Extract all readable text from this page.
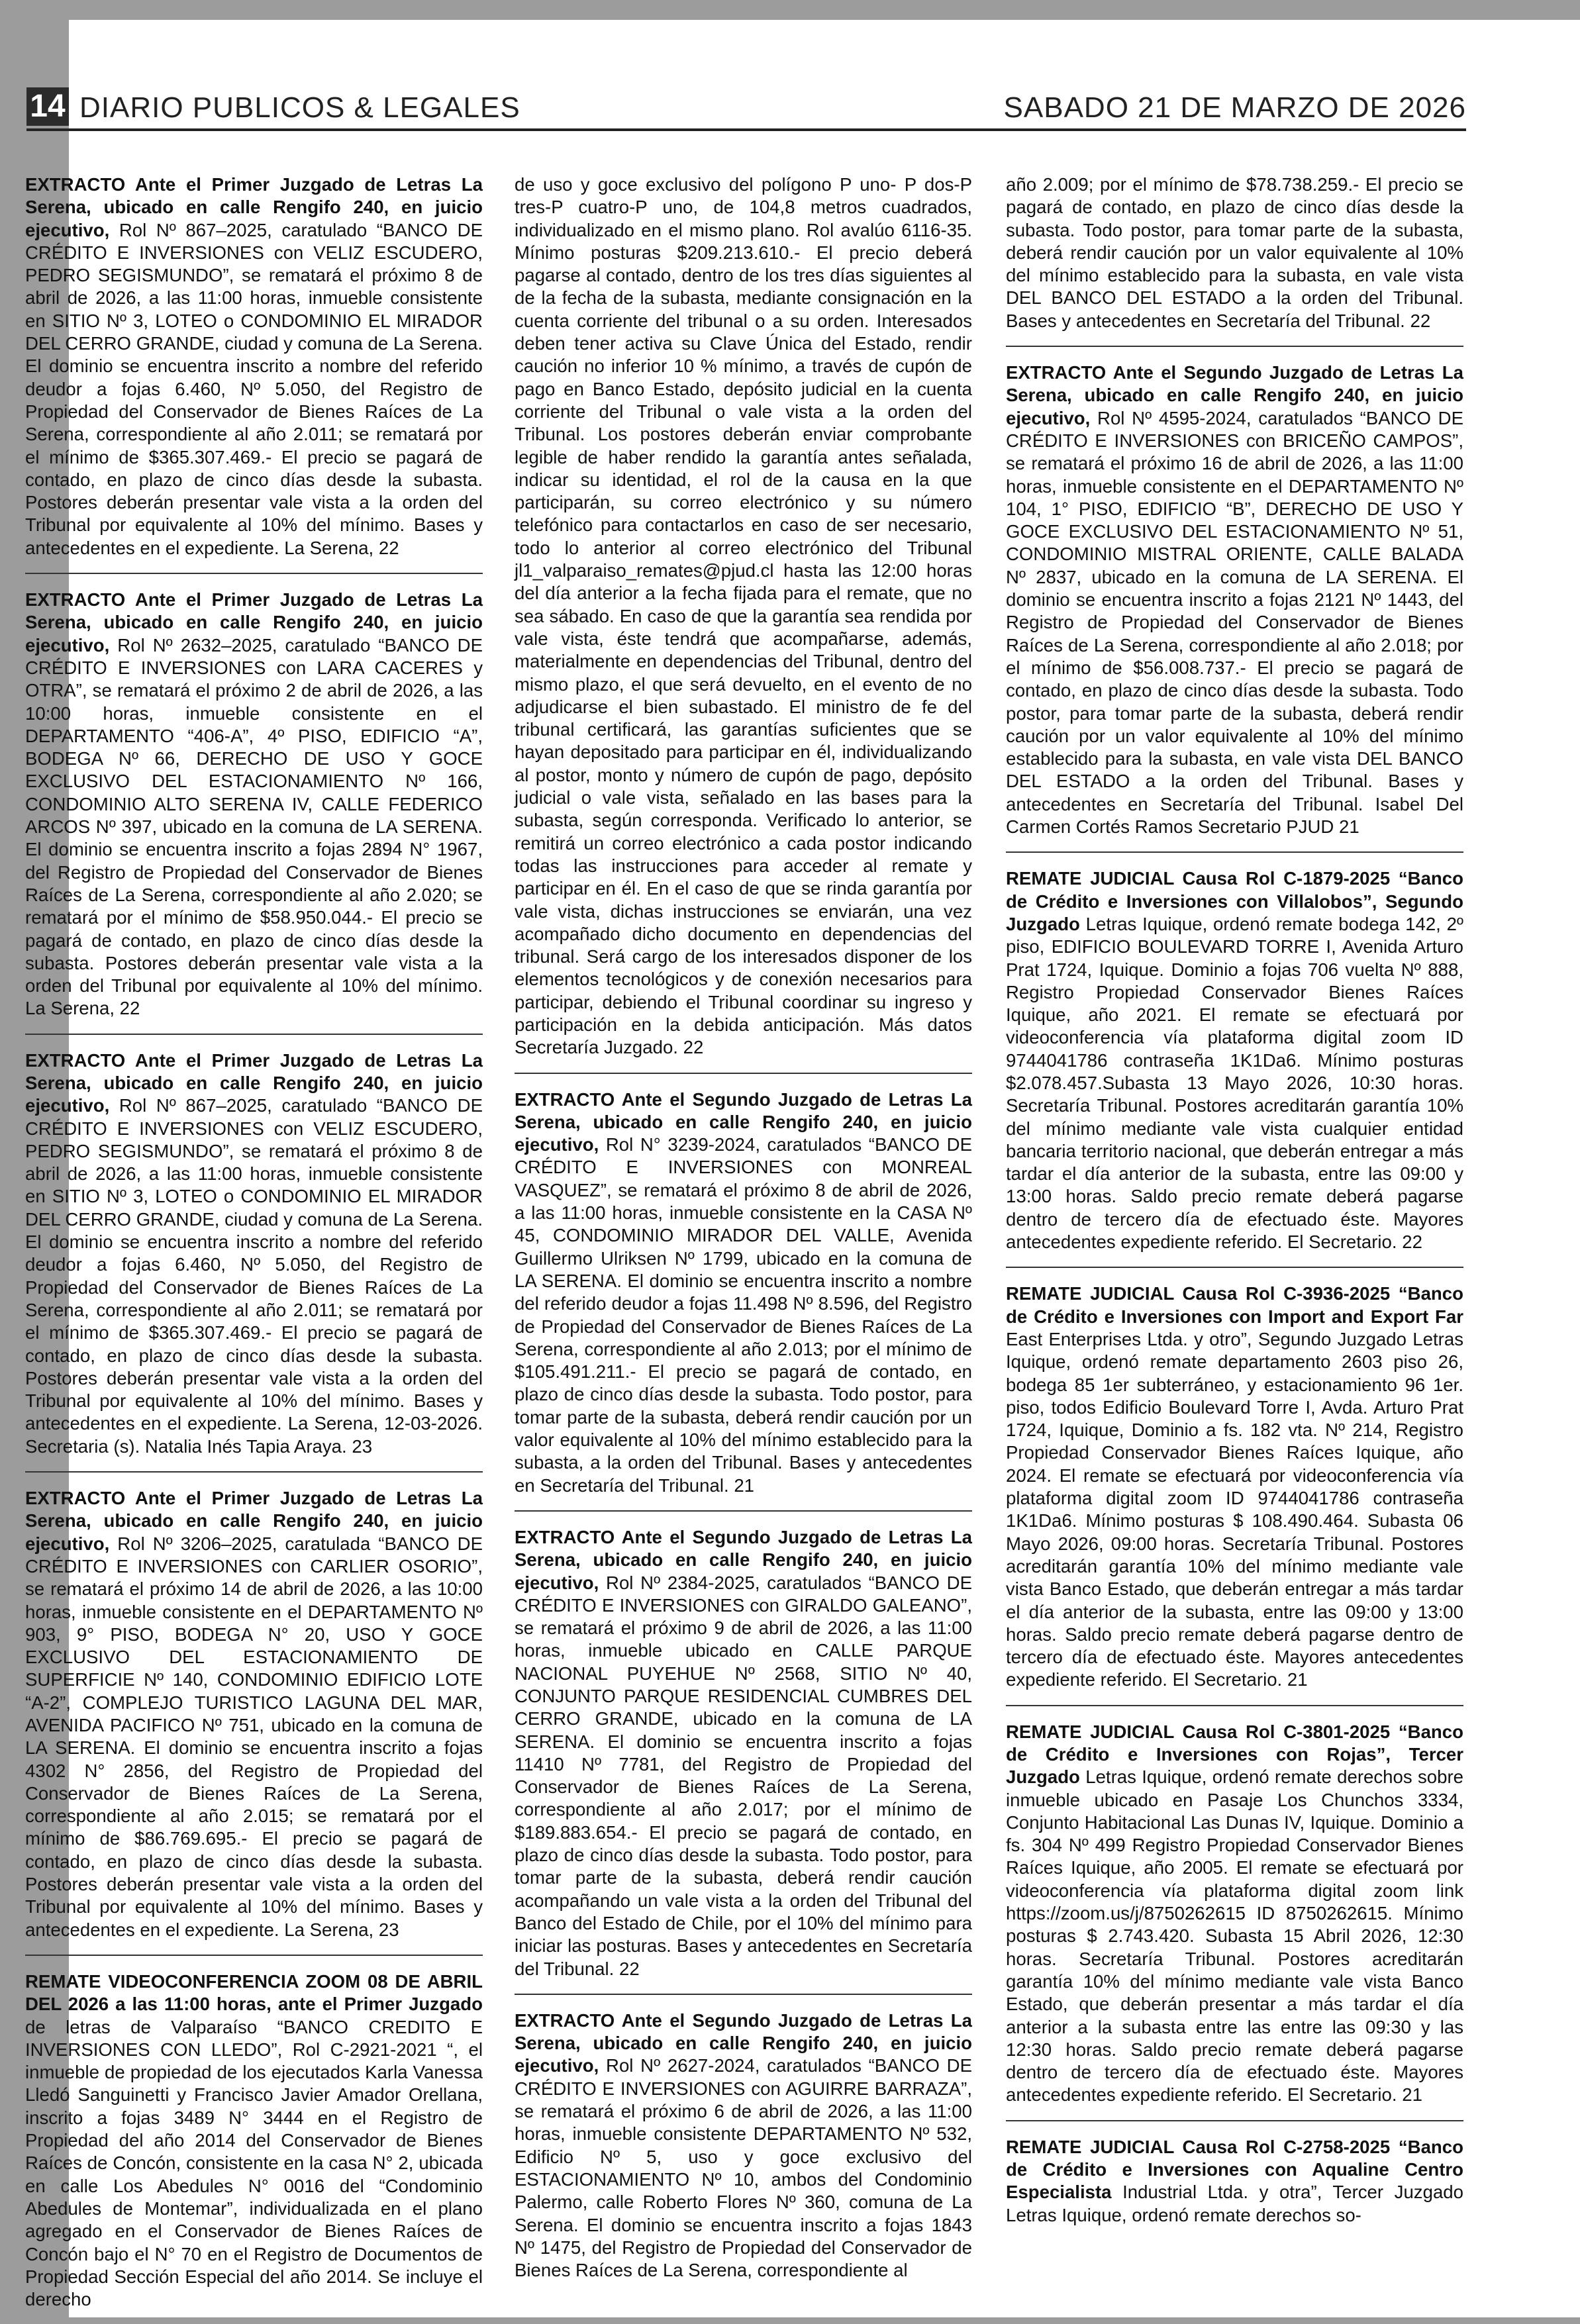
14 DIARIO PUBLICOS & LEGALES	SABADO 21 DE MARZO DE 2026

EXTRACTO Ante el Primer Juzgado de Letras La Serena, ubicado en calle Rengifo 240, en juicio ejecutivo, Rol Nº 867–2025, caratulado “BANCO DE CRÉDITO E INVERSIONES con VELIZ ESCUDERO, PEDRO SEGISMUNDO”, se rematará el próximo 8 de abril de 2026, a las 11:00 horas, inmueble consistente en SITIO Nº 3, LOTEO o CONDOMINIO EL MIRADOR DEL CERRO GRANDE, ciudad y comuna de La Serena. El dominio se encuentra inscrito a nombre del referido deudor a fojas 6.460, Nº 5.050, del Registro de Propiedad del Conservador de Bienes Raíces de La Serena, correspondiente al año 2.011; se rematará por el mínimo de $365.307.469.- El precio se pagará de contado, en plazo de cinco días desde la subasta. Postores deberán presentar vale vista a la orden del Tribunal por equivalente al 10% del mínimo. Bases y antecedentes en el expediente. La Serena, 22

EXTRACTO Ante el Primer Juzgado de Letras La Serena, ubicado en calle Rengifo 240, en juicio ejecutivo, Rol Nº 2632–2025, caratulado “BANCO DE CRÉDITO E INVERSIONES con LARA CACERES y OTRA”, se rematará el próximo 2 de abril de 2026, a las 10:00 horas, inmueble consistente en el DEPARTAMENTO “406-A”, 4º PISO, EDIFICIO “A”, BODEGA Nº 66, DERECHO DE USO Y GOCE EXCLUSIVO DEL ESTACIONAMIENTO Nº 166, CONDOMINIO ALTO SERENA IV, CALLE FEDERICO ARCOS Nº 397, ubicado en la comuna de LA SERENA. El dominio se encuentra inscrito a fojas 2894 N° 1967, del Registro de Propiedad del Conservador de Bienes Raíces de La Serena, correspondiente al año 2.020; se rematará por el mínimo de $58.950.044.- El precio se pagará de contado, en plazo de cinco días desde la subasta. Postores deberán presentar vale vista a la orden del Tribunal por equivalente al 10% del mínimo. La Serena, 22

EXTRACTO Ante el Primer Juzgado de Letras La Serena, ubicado en calle Rengifo 240, en juicio ejecutivo, Rol Nº 867–2025, caratulado “BANCO DE CRÉDITO E INVERSIONES con VELIZ ESCUDERO, PEDRO SEGISMUNDO”, se rematará el próximo 8 de abril de 2026, a las 11:00 horas, inmueble consistente en SITIO Nº 3, LOTEO o CONDOMINIO EL MIRADOR DEL CERRO GRANDE, ciudad y comuna de La Serena. El dominio se encuentra inscrito a nombre del referido deudor a fojas 6.460, Nº 5.050, del Registro de Propiedad del Conservador de Bienes Raíces de La Serena, correspondiente al año 2.011; se rematará por el mínimo de $365.307.469.- El precio se pagará de contado, en plazo de cinco días desde la subasta. Postores deberán presentar vale vista a la orden del Tribunal por equivalente al 10% del mínimo. Bases y antecedentes en el expediente. La Serena, 12-03-2026. Secretaria (s). Natalia Inés Tapia Araya. 23

EXTRACTO Ante el Primer Juzgado de Letras La Serena, ubicado en calle Rengifo 240, en juicio ejecutivo, Rol Nº 3206–2025, caratulada “BANCO DE CRÉDITO E INVERSIONES con CARLIER OSORIO”, se rematará el próximo 14 de abril de 2026, a las 10:00 horas, inmueble consistente en el DEPARTAMENTO Nº 903, 9° PISO, BODEGA N° 20, USO Y GOCE EXCLUSIVO DEL ESTACIONAMIENTO DE SUPERFICIE Nº 140, CONDOMINIO EDIFICIO LOTE “A-2”, COMPLEJO TURISTICO LAGUNA DEL MAR, AVENIDA PACIFICO Nº 751, ubicado en la comuna de LA SERENA. El dominio se encuentra inscrito a fojas 4302 N° 2856, del Registro de Propiedad del Conservador de Bienes Raíces de La Serena, correspondiente al año 2.015; se rematará por el mínimo de $86.769.695.- El precio se pagará de contado, en plazo de cinco días desde la subasta. Postores deberán presentar vale vista a la orden del Tribunal por equivalente al 10% del mínimo. Bases y antecedentes en el expediente. La Serena, 23

REMATE VIDEOCONFERENCIA ZOOM 08 DE ABRIL DEL 2026 a las 11:00 horas, ante el Primer Juzgado de letras de Valparaíso “BANCO CREDITO E INVERSIONES CON LLEDO”, Rol C-2921-2021 “, el inmueble de propiedad de los ejecutados Karla Vanessa Lledó Sanguinetti y Francisco Javier Amador Orellana, inscrito a fojas 3489 N° 3444 en el Registro de Propiedad del año 2014 del Conservador de Bienes Raíces de Concón, consistente en la casa N° 2, ubicada en calle Los Abedules N° 0016 del “Condominio Abedules de Montemar”, individualizada en el plano agregado en el Conservador de Bienes Raíces de Concón bajo el N° 70 en el Registro de Documentos de Propiedad Sección Especial del año 2014. Se incluye el derecho

de uso y goce exclusivo del polígono P uno- P dos-P tres-P cuatro-P uno, de 104,8 metros cuadrados, individualizado en el mismo plano. Rol avalúo 6116-35. Mínimo posturas $209.213.610.- El precio deberá pagarse al contado, dentro de los tres días siguientes al de la fecha de la subasta, mediante consignación en la cuenta corriente del tribunal o a su orden. Interesados deben tener activa su Clave Única del Estado, rendir caución no inferior 10 % mínimo, a través de cupón de pago en Banco Estado, depósito judicial en la cuenta corriente del Tribunal o vale vista a la orden del Tribunal. Los postores deberán enviar comprobante legible de haber rendido la garantía antes señalada, indicar su identidad, el rol de la causa en la que participarán, su correo electrónico y su número telefónico para contactarlos en caso de ser necesario, todo lo anterior al correo electrónico del Tribunal jl1_valparaiso_remates@pjud.cl hasta las 12:00 horas del día anterior a la fecha fijada para el remate, que no sea sábado. En caso de que la garantía sea rendida por vale vista, éste tendrá que acompañarse, además, materialmente en dependencias del Tribunal, dentro del mismo plazo, el que será devuelto, en el evento de no adjudicarse el bien subastado. El ministro de fe del tribunal certificará, las garantías suficientes que se hayan depositado para participar en él, individualizando al postor, monto y número de cupón de pago, depósito judicial o vale vista, señalado en las bases para la subasta, según corresponda. Verificado lo anterior, se remitirá un correo electrónico a cada postor indicando todas las instrucciones para acceder al remate y participar en él. En el caso de que se rinda garantía por vale vista, dichas instrucciones se enviarán, una vez acompañado dicho documento en dependencias del tribunal. Será cargo de los interesados disponer de los elementos tecnológicos y de conexión necesarios para participar, debiendo el Tribunal coordinar su ingreso y participación en la debida anticipación. Más datos Secretaría Juzgado. 22

EXTRACTO Ante el Segundo Juzgado de Letras La Serena, ubicado en calle Rengifo 240, en juicio ejecutivo, Rol N° 3239-2024, caratulados “BANCO DE CRÉDITO E INVERSIONES con MONREAL VASQUEZ”, se rematará el próximo 8 de abril de 2026, a las 11:00 horas, inmueble consistente en la CASA Nº 45, CONDOMINIO MIRADOR DEL VALLE, Avenida Guillermo Ulriksen Nº 1799, ubicado en la comuna de LA SERENA. El dominio se encuentra inscrito a nombre del referido deudor a fojas 11.498 Nº 8.596, del Registro de Propiedad del Conservador de Bienes Raíces de La Serena, correspondiente al año 2.013; por el mínimo de $105.491.211.- El precio se pagará de contado, en plazo de cinco días desde la subasta. Todo postor, para tomar parte de la subasta, deberá rendir caución por un valor equivalente al 10% del mínimo establecido para la subasta, a la orden del Tribunal. Bases y antecedentes en Secretaría del Tribunal. 21

EXTRACTO Ante el Segundo Juzgado de Letras La Serena, ubicado en calle Rengifo 240, en juicio ejecutivo, Rol Nº 2384-2025, caratulados “BANCO DE CRÉDITO E INVERSIONES con GIRALDO GALEANO”, se rematará el próximo 9 de abril de 2026, a las 11:00 horas, inmueble ubicado en CALLE PARQUE NACIONAL PUYEHUE Nº 2568, SITIO Nº 40, CONJUNTO PARQUE RESIDENCIAL CUMBRES DEL CERRO GRANDE, ubicado en la comuna de LA SERENA. El dominio se encuentra inscrito a fojas 11410 Nº 7781, del Registro de Propiedad del Conservador de Bienes Raíces de La Serena, correspondiente al año 2.017; por el mínimo de $189.883.654.- El precio se pagará de contado, en plazo de cinco días desde la subasta. Todo postor, para tomar parte de la subasta, deberá rendir caución acompañando un vale vista a la orden del Tribunal del Banco del Estado de Chile, por el 10% del mínimo para iniciar las posturas. Bases y antecedentes en Secretaría del Tribunal. 22

EXTRACTO Ante el Segundo Juzgado de Letras La Serena, ubicado en calle Rengifo 240, en juicio ejecutivo, Rol Nº 2627-2024, caratulados “BANCO DE CRÉDITO E INVERSIONES con AGUIRRE BARRAZA”, se rematará el próximo 6 de abril de 2026, a las 11:00 horas, inmueble consistente DEPARTAMENTO Nº 532, Edificio Nº 5, uso y goce exclusivo del ESTACIONAMIENTO Nº 10, ambos del Condominio Palermo, calle Roberto Flores Nº 360, comuna de La Serena. El dominio se encuentra inscrito a fojas 1843 Nº 1475, del Registro de Propiedad del Conservador de Bienes Raíces de La Serena, correspondiente al

año 2.009; por el mínimo de $78.738.259.- El precio se pagará de contado, en plazo de cinco días desde la subasta. Todo postor, para tomar parte de la subasta, deberá rendir caución por un valor equivalente al 10% del mínimo establecido para la subasta, en vale vista DEL BANCO DEL ESTADO a la orden del Tribunal. Bases y antecedentes en Secretaría del Tribunal. 22

EXTRACTO Ante el Segundo Juzgado de Letras La Serena, ubicado en calle Rengifo 240, en juicio ejecutivo, Rol Nº 4595-2024, caratulados “BANCO DE CRÉDITO E INVERSIONES con BRICEÑO CAMPOS”, se rematará el próximo 16 de abril de 2026, a las 11:00 horas, inmueble consistente en el DEPARTAMENTO Nº 104, 1° PISO, EDIFICIO “B”, DERECHO DE USO Y GOCE EXCLUSIVO DEL ESTACIONAMIENTO Nº 51, CONDOMINIO MISTRAL ORIENTE, CALLE BALADA Nº 2837, ubicado en la comuna de LA SERENA. El dominio se encuentra inscrito a fojas 2121 Nº 1443, del Registro de Propiedad del Conservador de Bienes Raíces de La Serena, correspondiente al año 2.018; por el mínimo de $56.008.737.- El precio se pagará de contado, en plazo de cinco días desde la subasta. Todo postor, para tomar parte de la subasta, deberá rendir caución por un valor equivalente al 10% del mínimo establecido para la subasta, en vale vista DEL BANCO DEL ESTADO a la orden del Tribunal. Bases y antecedentes en Secretaría del Tribunal. Isabel Del Carmen Cortés Ramos Secretario PJUD 21

REMATE JUDICIAL Causa Rol C-1879-2025 “Banco de Crédito e Inversiones con Villalobos”, Segundo Juzgado Letras Iquique, ordenó remate bodega 142, 2º piso, EDIFICIO BOULEVARD TORRE I, Avenida Arturo Prat 1724, Iquique. Dominio a fojas 706 vuelta Nº 888, Registro Propiedad Conservador Bienes Raíces Iquique, año 2021. El remate se efectuará por videoconferencia vía plataforma digital zoom ID 9744041786 contraseña 1K1Da6. Mínimo posturas $2.078.457.Subasta 13 Mayo 2026, 10:30 horas. Secretaría Tribunal. Postores acreditarán garantía 10% del mínimo mediante vale vista cualquier entidad bancaria territorio nacional, que deberán entregar a más tardar el día anterior de la subasta, entre las 09:00 y 13:00 horas. Saldo precio remate deberá pagarse dentro de tercero día de efectuado éste. Mayores antecedentes expediente referido. El Secretario. 22

REMATE JUDICIAL Causa Rol C-3936-2025 “Banco de Crédito e Inversiones con Import and Export Far East Enterprises Ltda. y otro”, Segundo Juzgado Letras Iquique, ordenó remate departamento 2603 piso 26, bodega 85 1er subterráneo, y estacionamiento 96 1er. piso, todos Edificio Boulevard Torre I, Avda. Arturo Prat 1724, Iquique, Dominio a fs. 182 vta. Nº 214, Registro Propiedad Conservador Bienes Raíces Iquique, año 2024. El remate se efectuará por videoconferencia vía plataforma digital zoom ID 9744041786 contraseña 1K1Da6. Mínimo posturas $ 108.490.464. Subasta 06 Mayo 2026, 09:00 horas. Secretaría Tribunal. Postores acreditarán garantía 10% del mínimo mediante vale vista Banco Estado, que deberán entregar a más tardar el día anterior de la subasta, entre las 09:00 y 13:00 horas. Saldo precio remate deberá pagarse dentro de tercero día de efectuado éste. Mayores antecedentes expediente referido. El Secretario. 21

REMATE JUDICIAL Causa Rol C-3801-2025 “Banco de Crédito e Inversiones con Rojas”, Tercer Juzgado Letras Iquique, ordenó remate derechos sobre inmueble ubicado en Pasaje Los Chunchos 3334, Conjunto Habitacional Las Dunas IV, Iquique. Dominio a fs. 304 Nº 499 Registro Propiedad Conservador Bienes Raíces Iquique, año 2005. El remate se efectuará por videoconferencia vía plataforma digital zoom link https://zoom.us/j/8750262615 ID 8750262615. Mínimo posturas $ 2.743.420. Subasta 15 Abril 2026, 12:30 horas. Secretaría Tribunal. Postores acreditarán garantía 10% del mínimo mediante vale vista Banco Estado, que deberán presentar a más tardar el día anterior a la subasta entre las entre las 09:30 y las 12:30 horas. Saldo precio remate deberá pagarse dentro de tercero día de efectuado éste. Mayores antecedentes expediente referido. El Secretario. 21

REMATE JUDICIAL Causa Rol C-2758-2025 “Banco de Crédito e Inversiones con Aqualine Centro Especialista Industrial Ltda. y otra”, Tercer Juzgado Letras Iquique, ordenó remate derechos so-
